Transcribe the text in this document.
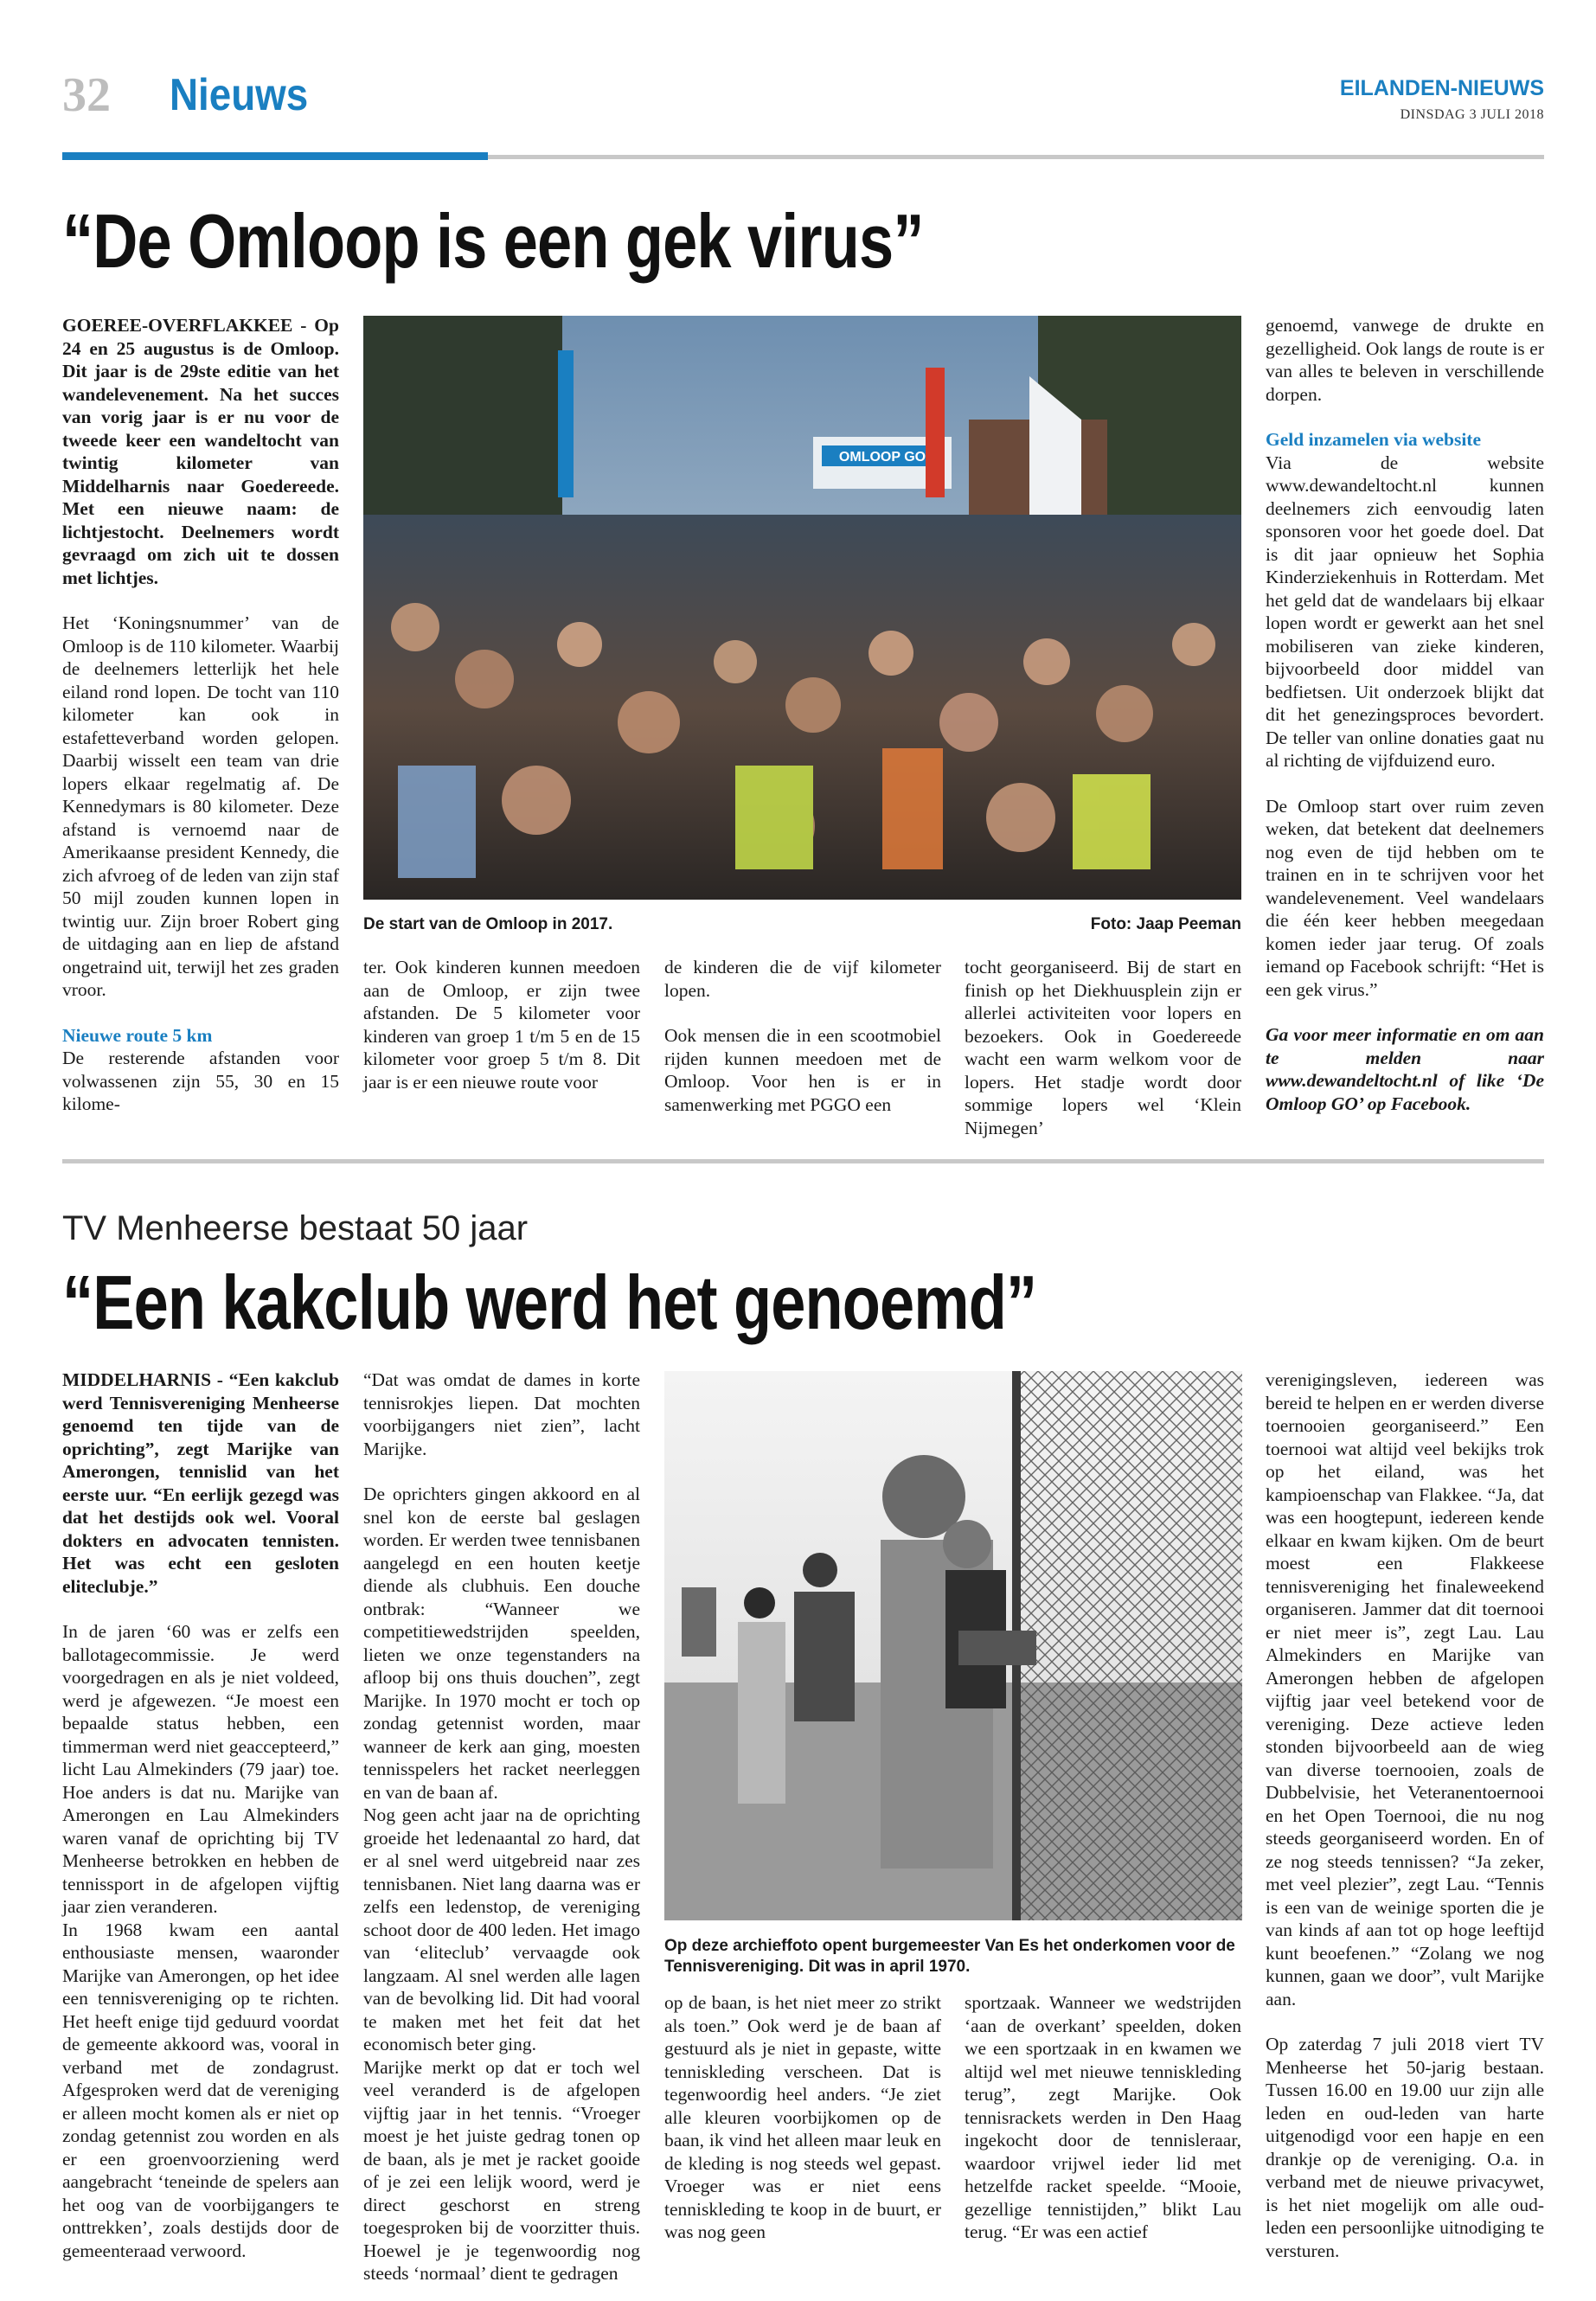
32 Nieuws	EILANDEN-NIEUWS
DINSDAG 3 JULI 2018
“De Omloop is een gek virus”

GOEREE-OVERFLAKKEE - Op 24 en 25 augustus is de Omloop. Dit jaar is de 29ste editie van het wandelevenement. Na het succes van vorig jaar is er nu voor de tweede keer een wandeltocht van twintig kilometer van Middelharnis naar Goedereede. Met een nieuwe naam: de lichtjestocht. Deelnemers wordt gevraagd om zich uit te dossen met lichtjes.

Het ‘Koningsnummer’ van de Omloop is de 110 kilometer. Waarbij de deelnemers letterlijk het hele eiland rond lopen. De tocht van 110 kilometer kan ook in estafetteverband worden gelopen. Daarbij wisselt een team van drie lopers elkaar regelmatig af. De Kennedymars is 80 kilometer. Deze afstand is vernoemd naar de Amerikaanse president Kennedy, die zich afvroeg of de leden van zijn staf 50 mijl zouden kunnen lopen in twintig uur. Zijn broer Robert ging de uitdaging aan en liep de afstand ongetraind uit, terwijl het zes graden vroor.

Nieuwe route 5 km

De resterende afstanden voor volwassenen zijn 55, 30 en 15 kilome-

OMLOOP GO
De start van de Omloop in 2017.	Foto: Jaap Peeman
ter. Ook kinderen kunnen meedoen aan de Omloop, er zijn twee afstanden. De 5 kilometer voor kinderen van groep 1 t/m 5 en de 15 kilometer voor groep 5 t/m 8. Dit jaar is er een nieuwe route voor

de kinderen die de vijf kilometer lopen.

Ook mensen die in een scootmobiel rijden kunnen meedoen met de Omloop. Voor hen is er in samenwerking met PGGO een

tocht georganiseerd. Bij de start en finish op het Diekhuusplein zijn er allerlei activiteiten voor lopers en bezoekers. Ook in Goedereede wacht een warm welkom voor de lopers. Het stadje wordt door sommige lopers wel ‘Klein Nijmegen’

genoemd, vanwege de drukte en gezelligheid. Ook langs de route is er van alles te beleven in verschillende dorpen.

Geld inzamelen via website

Via de website www.dewandeltocht.nl kunnen deelnemers zich eenvoudig laten sponsoren voor het goede doel. Dat is dit jaar opnieuw het Sophia Kinderziekenhuis in Rotterdam. Met het geld dat de wandelaars bij elkaar lopen wordt er gewerkt aan het snel mobiliseren van zieke kinderen, bijvoorbeeld door middel van bedfietsen. Uit onderzoek blijkt dat dit het genezingsproces bevordert. De teller van online donaties gaat nu al richting de vijfduizend euro.

De Omloop start over ruim zeven weken, dat betekent dat deelnemers nog even de tijd hebben om te trainen en in te schrijven voor het wandelevenement. Veel wandelaars die één keer hebben meegedaan komen ieder jaar terug. Of zoals iemand op Facebook schrijft: “Het is een gek virus.”

Ga voor meer informatie en om aan te melden naar www.dewandeltocht.nl of like ‘De Omloop GO’ op Facebook.

TV Menheerse bestaat 50 jaar
“Een kakclub werd het genoemd”

MIDDELHARNIS - “Een kakclub werd Tennisvereniging Menheerse genoemd ten tijde van de oprichting”, zegt Marijke van Amerongen, tennislid van het eerste uur. “En eerlijk gezegd was dat het destijds ook wel. Vooral dokters en advocaten tennisten. Het was echt een gesloten eliteclubje.”

In de jaren ‘60 was er zelfs een ballotagecommissie. Je werd voorgedragen en als je niet voldeed, werd je afgewezen. “Je moest een bepaalde status hebben, een timmerman werd niet geaccepteerd,” licht Lau Almekinders (79 jaar) toe. Hoe anders is dat nu. Marijke van Amerongen en Lau Almekinders waren vanaf de oprichting bij TV Menheerse betrokken en hebben de tennissport in de afgelopen vijftig jaar zien veranderen.

In 1968 kwam een aantal enthousiaste mensen, waaronder Marijke van Amerongen, op het idee een tennisvereniging op te richten. Het heeft enige tijd geduurd voordat de gemeente akkoord was, vooral in verband met de zondagrust. Afgesproken werd dat de vereniging er alleen mocht komen als er niet op zondag getennist zou worden en als er een groenvoorziening werd aangebracht ‘teneinde de spelers aan het oog van de voorbijgangers te onttrekken’, zoals destijds door de gemeenteraad verwoord.

“Dat was omdat de dames in korte tennisrokjes liepen. Dat mochten voorbijgangers niet zien”, lacht Marijke.

De oprichters gingen akkoord en al snel kon de eerste bal geslagen worden. Er werden twee tennisbanen aangelegd en een houten keetje diende als clubhuis. Een douche ontbrak: “Wanneer we competitiewedstrijden speelden, lieten we onze tegenstanders na afloop bij ons thuis douchen”, zegt Marijke. In 1970 mocht er toch op zondag getennist worden, maar wanneer de kerk aan ging, moesten tennisspelers het racket neerleggen en van de baan af.

Nog geen acht jaar na de oprichting groeide het ledenaantal zo hard, dat er al snel werd uitgebreid naar zes tennisbanen. Niet lang daarna was er zelfs een ledenstop, de vereniging schoot door de 400 leden. Het imago van ‘eliteclub’ vervaagde ook langzaam. Al snel werden alle lagen van de bevolking lid. Dit had vooral te maken met het feit dat het economisch beter ging.

Marijke merkt op dat er toch wel veel veranderd is de afgelopen vijftig jaar in het tennis. “Vroeger moest je het juiste gedrag tonen op de baan, als je met je racket gooide of je zei een lelijk woord, werd je direct geschorst en streng toegesproken bij de voorzitter thuis. Hoewel je je tegenwoordig nog steeds ‘normaal’ dient te gedragen

Op deze archieffoto opent burgemeester Van Es het onderkomen voor de Tennisvereniging. Dit was in april 1970.
op de baan, is het niet meer zo strikt als toen.” Ook werd je de baan af gestuurd als je niet in gepaste, witte tenniskleding verscheen. Dat is tegenwoordig heel anders. “Je ziet alle kleuren voorbijkomen op de baan, ik vind het alleen maar leuk en de kleding is nog steeds wel gepast. Vroeger was er niet eens tenniskleding te koop in de buurt, er was nog geen
sportzaak. Wanneer we wedstrijden ‘aan de overkant’ speelden, doken we een sportzaak in en kwamen we altijd wel met nieuwe tenniskleding terug”, zegt Marijke. Ook tennisrackets werden in Den Haag ingekocht door de tennisleraar, waardoor vrijwel ieder lid met hetzelfde racket speelde. “Mooie, gezellige tennistijden,” blikt Lau terug. “Er was een actief

verenigingsleven, iedereen was bereid te helpen en er werden diverse toernooien georganiseerd.” Een toernooi wat altijd veel bekijks trok op het eiland, was het kampioenschap van Flakkee. “Ja, dat was een hoogtepunt, iedereen kende elkaar en kwam kijken. Om de beurt moest een Flakkeese tennisvereniging het finaleweekend organiseren. Jammer dat dit toernooi er niet meer is”, zegt Lau. Lau Almekinders en Marijke van Amerongen hebben de afgelopen vijftig jaar veel betekend voor de vereniging. Deze actieve leden stonden bijvoorbeeld aan de wieg van diverse toernooien, zoals de Dubbelvisie, het Veteranentoernooi en het Open Toernooi, die nu nog steeds georganiseerd worden. En of ze nog steeds tennissen? “Ja zeker, met veel plezier”, zegt Lau. “Tennis is een van de weinige sporten die je van kinds af aan tot op hoge leeftijd kunt beoefenen.” “Zolang we nog kunnen, gaan we door”, vult Marijke aan.

Op zaterdag 7 juli 2018 viert TV Menheerse het 50-jarig bestaan. Tussen 16.00 en 19.00 uur zijn alle leden en oud-leden van harte uitgenodigd voor een hapje en een drankje op de vereniging. O.a. in verband met de nieuwe privacywet, is het niet mogelijk om alle oud-leden een persoonlijke uitnodiging te versturen.
